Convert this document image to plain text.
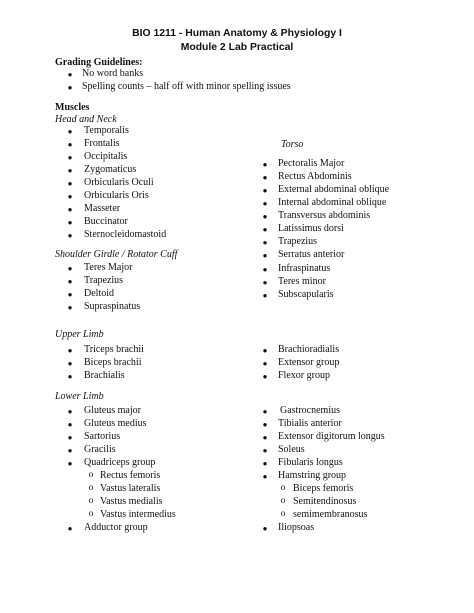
BIO 1211 - Human Anatomy & Physiology I
Module 2 Lab Practical
Grading Guidelines:
● No word banks
● Spelling counts – half off with minor spelling issues
Muscles
Head and Neck
●	Temporalis
●	Frontalis
●	Occipitalis
●	Zygomaticus
●	Orbicularis Oculi
●	Orbicularis Oris
●	Masseter
●	Buccinator
●	Sternocleidomastoid
Torso
●	Pectoralis Major
●	Rectus Abdominis
●	External abdominal oblique
●	Internal abdominal oblique
●	Transversus abdominis
●	Latissimus dorsi
●	Trapezius
●	Serratus anterior
Shoulder Girdle / Rotator Cuff
●	Teres Major
●	Trapezius
●	Deltoid
●	Supraspinatus
●	Infraspinatus
●	Teres minor
●	Subscapularis
Upper Limb
●	Triceps brachii
●	Biceps brachii
●	Brachialis
●	Brachioradialis
●	Extensor group
●	Flexor group
Lower Limb
●	Gluteus major
●	Gluteus medius
●	Sartorius
●	Gracilis
●	Quadriceps group
o Rectus femoris
o Vastus lateralis
o Vastus medialis
o Vastus intermedius
●	Adductor group
●	Gastrocnemius
●	Tibialis anterior
●	Extensor digitorum longus
●	Soleus
●	Fibularis longus
●	Hamstring group
o Biceps femoris
o Semitendinosus
o semimembranosus
●	Iliopsoas
